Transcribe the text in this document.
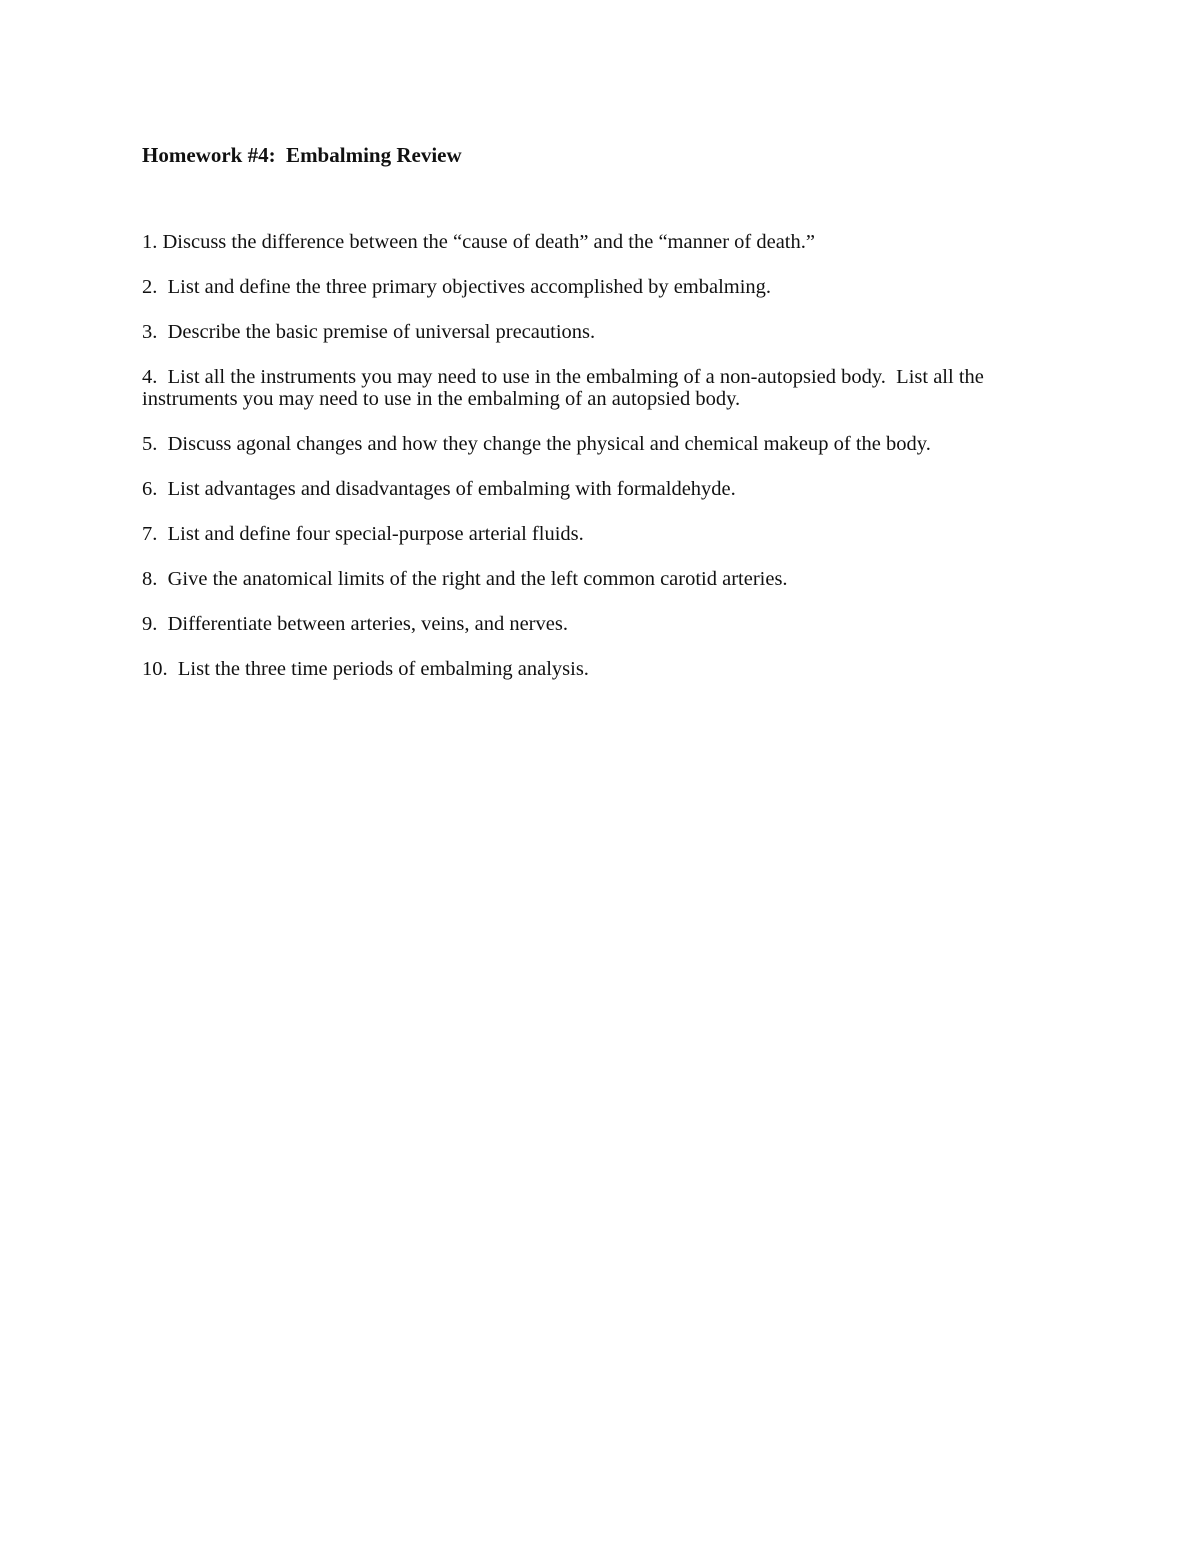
Homework #4:  Embalming Review
1. Discuss the difference between the “cause of death” and the “manner of death.”
2.  List and define the three primary objectives accomplished by embalming.
3.  Describe the basic premise of universal precautions.
4.  List all the instruments you may need to use in the embalming of a non-autopsied body.  List all the instruments you may need to use in the embalming of an autopsied body.
5.  Discuss agonal changes and how they change the physical and chemical makeup of the body.
6.  List advantages and disadvantages of embalming with formaldehyde.
7.  List and define four special-purpose arterial fluids.
8.  Give the anatomical limits of the right and the left common carotid arteries.
9.  Differentiate between arteries, veins, and nerves.
10.  List the three time periods of embalming analysis.
